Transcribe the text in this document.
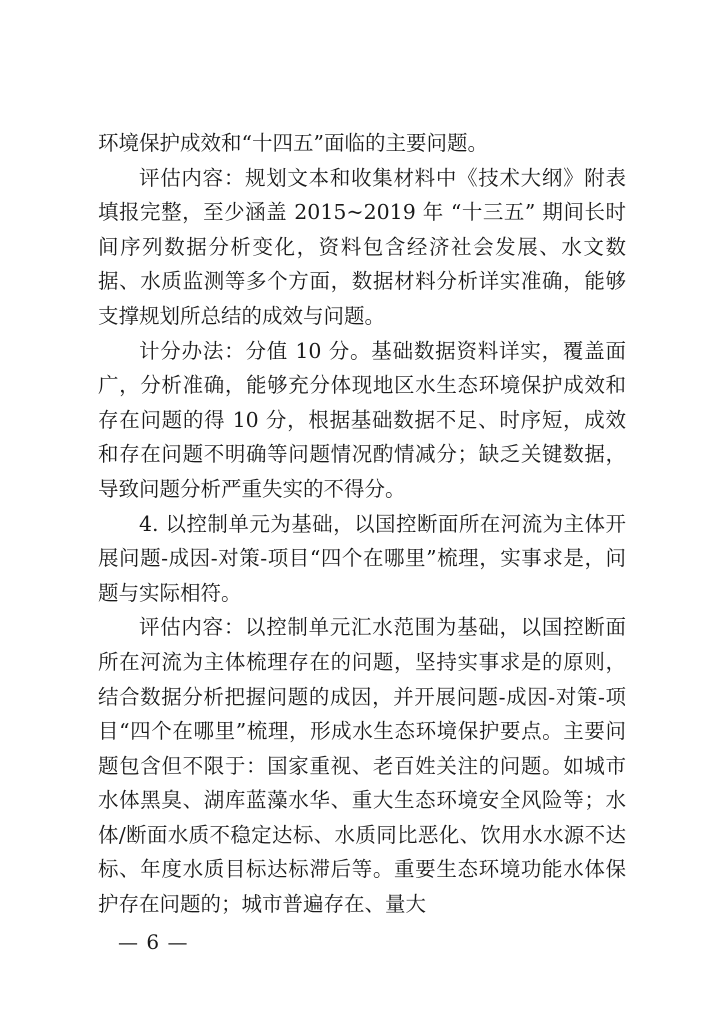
环境保护成效和“十四五”面临的主要问题。

评估内容：规划文本和收集材料中《技术大纲》附表填报完整，至少涵盖 2015~2019 年 “十三五” 期间长时间序列数据分析变化，资料包含经济社会发展、水文数据、水质监测等多个方面，数据材料分析详实准确，能够支撑规划所总结的成效与问题。

计分办法：分值 10 分。基础数据资料详实，覆盖面广，分析准确，能够充分体现地区水生态环境保护成效和存在问题的得 10 分，根据基础数据不足、时序短，成效和存在问题不明确等问题情况酌情减分；缺乏关键数据，导致问题分析严重失实的不得分。

4. 以控制单元为基础，以国控断面所在河流为主体开展问题-成因-对策-项目“四个在哪里”梳理，实事求是，问题与实际相符。

评估内容：以控制单元汇水范围为基础，以国控断面所在河流为主体梳理存在的问题，坚持实事求是的原则，结合数据分析把握问题的成因，并开展问题-成因-对策-项目“四个在哪里”梳理，形成水生态环境保护要点。主要问题包含但不限于：国家重视、老百姓关注的问题。如城市水体黑臭、湖库蓝藻水华、重大生态环境安全风险等；水体/断面水质不稳定达标、水质同比恶化、饮用水水源不达标、年度水质目标达标滞后等。重要生态环境功能水体保护存在问题的；城市普遍存在、量大

— 6 —
